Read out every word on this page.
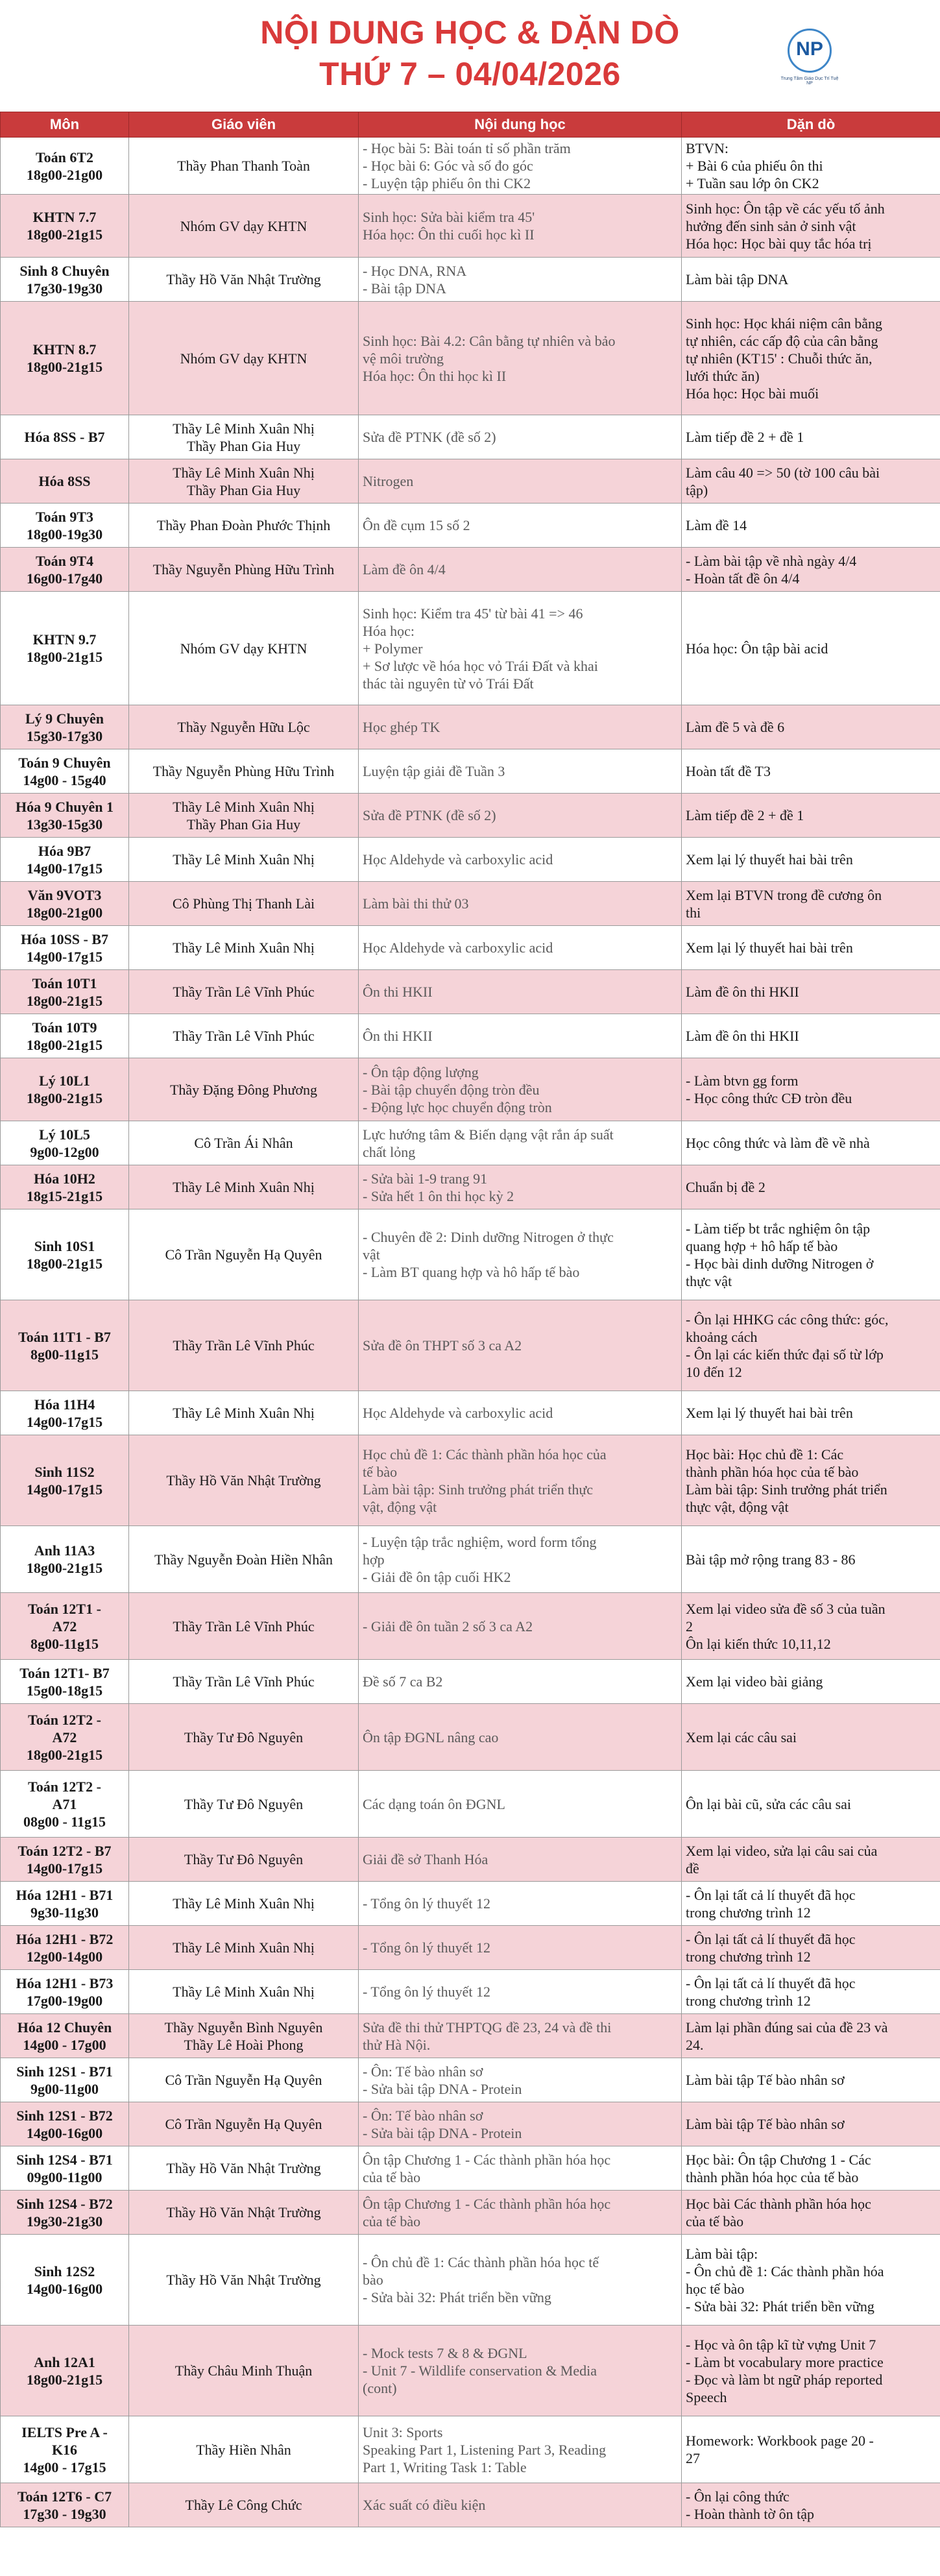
NỘI DUNG HỌC & DẶN DÒ
THỨ 7 – 04/04/2026
NP
Trung Tâm Giáo Dục Trí Tuệ NP
Môn	Giáo viên	Nội dung học	Dặn dò

Toán 6T2
18g00-21g00	Thầy Phan Thanh Toàn	- Học bài 5: Bài toán tỉ số phần trăm
- Học bài 6: Góc và số đo góc
- Luyện tập phiếu ôn thi CK2	BTVN:
+ Bài 6 của phiếu ôn thi
+ Tuần sau lớp ôn CK2

KHTN 7.7
18g00-21g15	Nhóm GV dạy KHTN	Sinh học: Sửa bài kiểm tra 45'
Hóa học: Ôn thi cuối học kì II	Sinh học: Ôn tập về các yếu tố ảnh
hưởng đến sinh sản ở sinh vật
Hóa học: Học bài quy tắc hóa trị

Sinh 8 Chuyên
17g30-19g30	Thầy Hồ Văn Nhật Trường	- Học DNA, RNA
- Bài tập DNA	Làm bài tập DNA

KHTN 8.7
18g00-21g15	Nhóm GV dạy KHTN	Sinh học: Bài 4.2: Cân bằng tự nhiên và bảo
vệ môi trường
Hóa học: Ôn thi học kì II	Sinh học: Học khái niệm cân bằng
tự nhiên, các cấp độ của cân bằng
tự nhiên (KT15' : Chuỗi thức ăn,
lưới thức ăn)
Hóa học: Học bài muối

Hóa 8SS - B7	Thầy Lê Minh Xuân Nhị
Thầy Phan Gia Huy	Sửa đề PTNK (đề số 2)	Làm tiếp đề 2 + đề 1

Hóa 8SS	Thầy Lê Minh Xuân Nhị
Thầy Phan Gia Huy	Nitrogen	Làm câu 40 => 50 (tờ 100 câu bài
tập)

Toán 9T3
18g00-19g30	Thầy Phan Đoàn Phước Thịnh	Ôn đề cụm 15 số 2	Làm đề 14

Toán 9T4
16g00-17g40	Thầy Nguyễn Phùng Hữu Trình	Làm đề ôn 4/4	- Làm bài tập về nhà ngày 4/4
- Hoàn tất đề ôn 4/4

KHTN 9.7
18g00-21g15	Nhóm GV dạy KHTN	Sinh học: Kiểm tra 45' từ bài 41 => 46
Hóa học:
+ Polymer
+ Sơ lược về hóa học vỏ Trái Đất và khai
thác tài nguyên từ vỏ Trái Đất	Hóa học: Ôn tập bài acid

Lý 9 Chuyên
15g30-17g30	Thầy Nguyễn Hữu Lộc	Học ghép TK	Làm đề 5 và đề 6

Toán 9 Chuyên
14g00 - 15g40	Thầy Nguyễn Phùng Hữu Trình	Luyện tập giải đề Tuần 3	Hoàn tất đề T3

Hóa 9 Chuyên 1
13g30-15g30	Thầy Lê Minh Xuân Nhị
Thầy Phan Gia Huy	Sửa đề PTNK (đề số 2)	Làm tiếp đề 2 + đề 1

Hóa 9B7
14g00-17g15	Thầy Lê Minh Xuân Nhị	Học Aldehyde và carboxylic acid	Xem lại lý thuyết hai bài trên

Văn 9VOT3
18g00-21g00	Cô Phùng Thị Thanh Lài	Làm bài thi thử 03	Xem lại BTVN trong đề cương ôn
thi

Hóa 10SS - B7
14g00-17g15	Thầy Lê Minh Xuân Nhị	Học Aldehyde và carboxylic acid	Xem lại lý thuyết hai bài trên

Toán 10T1
18g00-21g15	Thầy Trần Lê Vĩnh Phúc	Ôn thi HKII	Làm đề ôn thi HKII

Toán 10T9
18g00-21g15	Thầy Trần Lê Vĩnh Phúc	Ôn thi HKII	Làm đề ôn thi HKII

Lý 10L1
18g00-21g15	Thầy Đặng Đông Phương	- Ôn tập động lượng
- Bài tập chuyển động tròn đều
- Động lực học chuyển động tròn	- Làm btvn gg form
- Học công thức CĐ tròn đều

Lý 10L5
9g00-12g00	Cô Trần Ái Nhân	Lực hướng tâm & Biến dạng vật rắn áp suất
chất lỏng	Học công thức và làm đề về nhà

Hóa 10H2
18g15-21g15	Thầy Lê Minh Xuân Nhị	- Sửa bài 1-9 trang 91
- Sửa hết 1 ôn thi học kỳ 2	Chuẩn bị đề 2

Sinh 10S1
18g00-21g15	Cô Trần Nguyễn Hạ Quyên	- Chuyên đề 2: Dinh dưỡng Nitrogen ở thực
vật
- Làm BT quang hợp và hô hấp tế bào	- Làm tiếp bt trắc nghiệm ôn tập
quang hợp + hô hấp tế bào
- Học bài dinh dưỡng Nitrogen ở
thực vật

Toán 11T1 - B7
8g00-11g15	Thầy Trần Lê Vĩnh Phúc	Sửa đề ôn THPT số 3 ca A2	- Ôn lại HHKG các công thức: góc,
khoảng cách
- Ôn lại các kiến thức đại số từ lớp
10 đến 12

Hóa 11H4
14g00-17g15	Thầy Lê Minh Xuân Nhị	Học Aldehyde và carboxylic acid	Xem lại lý thuyết hai bài trên

Sinh 11S2
14g00-17g15	Thầy Hồ Văn Nhật Trường	Học chủ đề 1: Các thành phần hóa học của
tế bào
Làm bài tập: Sinh trưởng phát triển thực
vật, động vật	Học bài: Học chủ đề 1: Các
thành phần hóa học của tế bào
Làm bài tập: Sinh trưởng phát triển
thực vật, động vật

Anh 11A3
18g00-21g15	Thầy Nguyễn Đoàn Hiền Nhân	- Luyện tập trắc nghiệm, word form tổng
hợp
- Giải đề ôn tập cuối HK2	Bài tập mở rộng trang 83 - 86

Toán 12T1 -
A72
8g00-11g15	Thầy Trần Lê Vĩnh Phúc	- Giải đề ôn tuần 2 số 3 ca A2	Xem lại video sửa đề số 3 của tuần
2
Ôn lại kiến thức 10,11,12

Toán 12T1- B7
15g00-18g15	Thầy Trần Lê Vĩnh Phúc	Đề số 7 ca B2	Xem lại video bài giảng

Toán 12T2 -
A72
18g00-21g15	Thầy Tư Đô Nguyên	Ôn tập ĐGNL nâng cao	Xem lại các câu sai

Toán 12T2 -
A71
08g00 - 11g15	Thầy Tư Đô Nguyên	Các dạng toán ôn ĐGNL	Ôn lại bài cũ, sửa các câu sai

Toán 12T2 - B7
14g00-17g15	Thầy Tư Đô Nguyên	Giải đề sở Thanh Hóa	Xem lại video, sửa lại câu sai của
đề

Hóa 12H1 - B71
9g30-11g30	Thầy Lê Minh Xuân Nhị	- Tổng ôn lý thuyết 12	- Ôn lại tất cả lí thuyết đã học
trong chương trình 12

Hóa 12H1 - B72
12g00-14g00	Thầy Lê Minh Xuân Nhị	- Tổng ôn lý thuyết 12	- Ôn lại tất cả lí thuyết đã học
trong chương trình 12

Hóa 12H1 - B73
17g00-19g00	Thầy Lê Minh Xuân Nhị	- Tổng ôn lý thuyết 12	- Ôn lại tất cả lí thuyết đã học
trong chương trình 12

Hóa 12 Chuyên
14g00 - 17g00	Thầy Nguyễn Bình Nguyên
Thầy Lê Hoài Phong	Sửa đề thi thử THPTQG đề 23, 24 và đề thi
thử Hà Nội.	Làm lại phần đúng sai của đề 23 và
24.

Sinh 12S1 - B71
9g00-11g00	Cô Trần Nguyễn Hạ Quyên	- Ôn: Tế bào nhân sơ
- Sửa bài tập DNA - Protein	Làm bài tập Tế bào nhân sơ

Sinh 12S1 - B72
14g00-16g00	Cô Trần Nguyễn Hạ Quyên	- Ôn: Tế bào nhân sơ
- Sửa bài tập DNA - Protein	Làm bài tập Tế bào nhân sơ

Sinh 12S4 - B71
09g00-11g00	Thầy Hồ Văn Nhật Trường	Ôn tập Chương 1 - Các thành phần hóa học
của tế bào	Học bài: Ôn tập Chương 1 - Các
thành phần hóa học của tế bào

Sinh 12S4 - B72
19g30-21g30	Thầy Hồ Văn Nhật Trường	Ôn tập Chương 1 - Các thành phần hóa học
của tế bào	Học bài Các thành phần hóa học
của tế bào

Sinh 12S2
14g00-16g00	Thầy Hồ Văn Nhật Trường	- Ôn chủ đề 1: Các thành phần hóa học tế
bào
- Sửa bài 32: Phát triển bền vững	Làm bài tập:
- Ôn chủ đề 1: Các thành phần hóa
học tế bào
- Sửa bài 32: Phát triển bền vững

Anh 12A1
18g00-21g15	Thầy Châu Minh Thuận	- Mock tests 7 & 8 & ĐGNL
- Unit 7 - Wildlife conservation & Media
(cont)	- Học và ôn tập kĩ từ vựng Unit 7
- Làm bt vocabulary more practice
- Đọc và làm bt ngữ pháp reported
Speech

IELTS Pre A -
K16
14g00 - 17g15	Thầy Hiền Nhân	Unit 3: Sports
Speaking Part 1, Listening Part 3, Reading
Part 1, Writing Task 1: Table	Homework: Workbook page 20 -
27

Toán 12T6 - C7
17g30 - 19g30	Thầy Lê Công Chức	Xác suất có điều kiện	- Ôn lại công thức
- Hoàn thành tờ ôn tập
